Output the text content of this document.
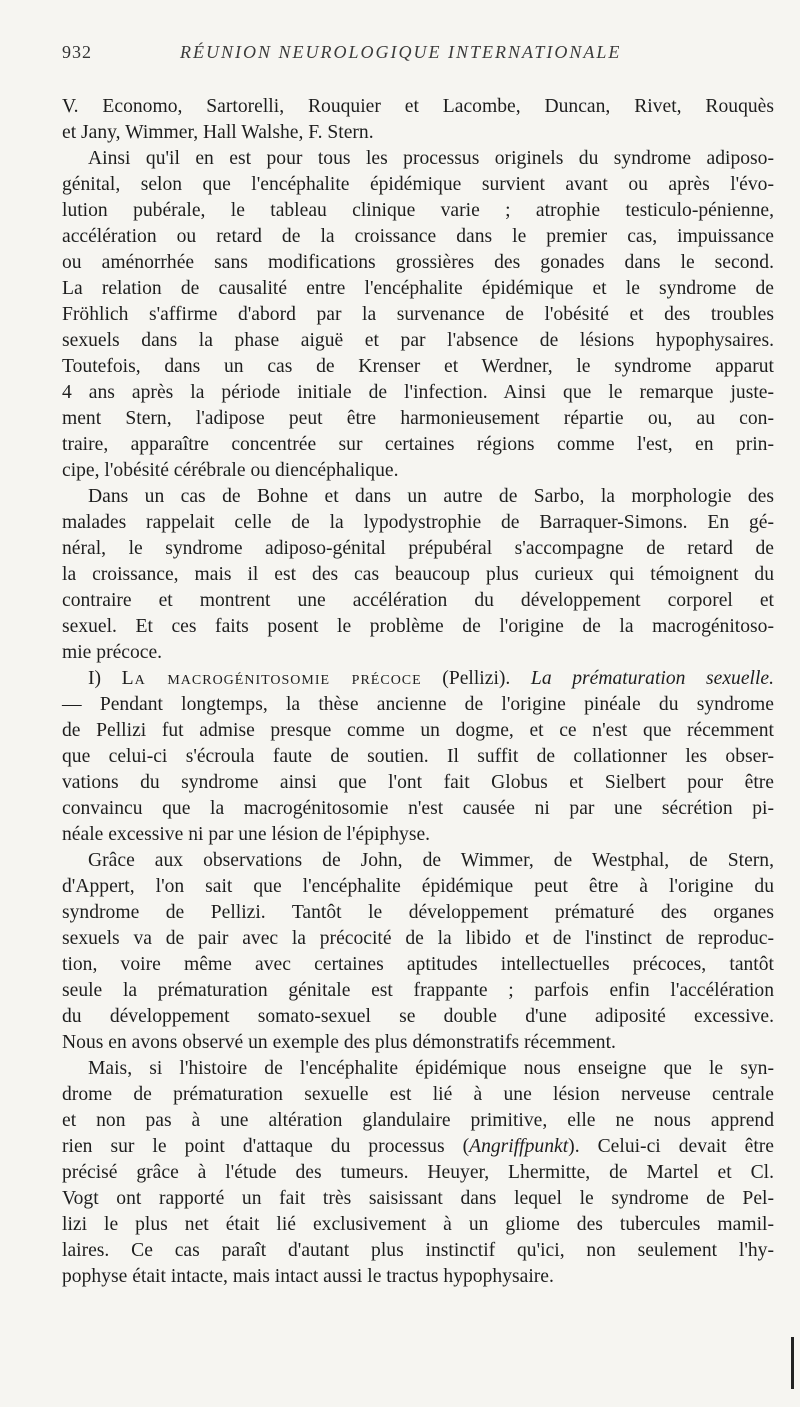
932	RÉUNION NEUROLOGIQUE INTERNATIONALE
V. Economo, Sartorelli, Rouquier et Lacombe, Duncan, Rivet, Rouquès
et Jany, Wimmer, Hall Walshe, F. Stern.
Ainsi qu'il en est pour tous les processus originels du syndrome adiposo-
génital, selon que l'encéphalite épidémique survient avant ou après l'évo-
lution pubérale, le tableau clinique varie ; atrophie testiculo-pénienne,
accélération ou retard de la croissance dans le premier cas, impuissance
ou aménorrhée sans modifications grossières des gonades dans le second.
La relation de causalité entre l'encéphalite épidémique et le syndrome de
Fröhlich s'affirme d'abord par la survenance de l'obésité et des troubles
sexuels dans la phase aiguë et par l'absence de lésions hypophysaires.
Toutefois, dans un cas de Krenser et Werdner, le syndrome apparut
4 ans après la période initiale de l'infection. Ainsi que le remarque juste-
ment Stern, l'adipose peut être harmonieusement répartie ou, au con-
traire, apparaître concentrée sur certaines régions comme l'est, en prin-
cipe, l'obésité cérébrale ou diencéphalique.
Dans un cas de Bohne et dans un autre de Sarbo, la morphologie des
malades rappelait celle de la lypodystrophie de Barraquer-Simons. En gé-
néral, le syndrome adiposo-génital prépubéral s'accompagne de retard de
la croissance, mais il est des cas beaucoup plus curieux qui témoignent du
contraire et montrent une accélération du développement corporel et
sexuel. Et ces faits posent le problème de l'origine de la macrogénitoso-
mie précoce.
I) La macrogénitosomie précoce (Pellizi). La prématuration sexuelle.
— Pendant longtemps, la thèse ancienne de l'origine pinéale du syndrome
de Pellizi fut admise presque comme un dogme, et ce n'est que récemment
que celui-ci s'écroula faute de soutien. Il suffit de collationner les obser-
vations du syndrome ainsi que l'ont fait Globus et Sielbert pour être
convaincu que la macrogénitosomie n'est causée ni par une sécrétion pi-
néale excessive ni par une lésion de l'épiphyse.
Grâce aux observations de John, de Wimmer, de Westphal, de Stern,
d'Appert, l'on sait que l'encéphalite épidémique peut être à l'origine du
syndrome de Pellizi. Tantôt le développement prématuré des organes
sexuels va de pair avec la précocité de la libido et de l'instinct de reproduc-
tion, voire même avec certaines aptitudes intellectuelles précoces, tantôt
seule la prématuration génitale est frappante ; parfois enfin l'accélération
du développement somato-sexuel se double d'une adiposité excessive.
Nous en avons observé un exemple des plus démonstratifs récemment.
Mais, si l'histoire de l'encéphalite épidémique nous enseigne que le syn-
drome de prématuration sexuelle est lié à une lésion nerveuse centrale
et non pas à une altération glandulaire primitive, elle ne nous apprend
rien sur le point d'attaque du processus (Angriffpunkt). Celui-ci devait être
précisé grâce à l'étude des tumeurs. Heuyer, Lhermitte, de Martel et Cl.
Vogt ont rapporté un fait très saisissant dans lequel le syndrome de Pel-
lizi le plus net était lié exclusivement à un gliome des tubercules mamil-
laires. Ce cas paraît d'autant plus instinctif qu'ici, non seulement l'hy-
pophyse était intacte, mais intact aussi le tractus hypophysaire.
